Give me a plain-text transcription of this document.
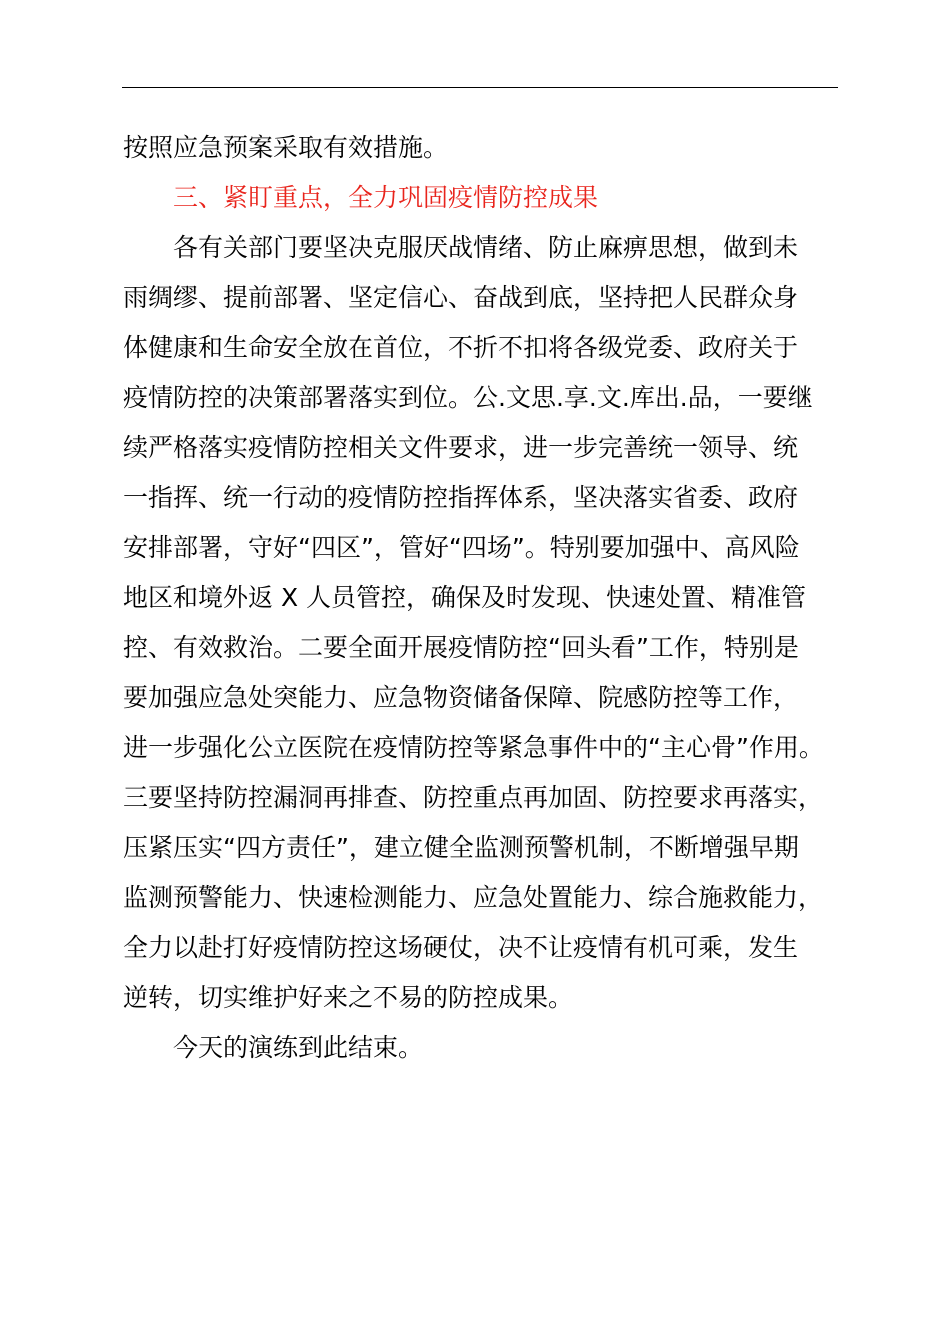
按照应急预案采取有效措施。
三、紧盯重点，全力巩固疫情防控成果
各有关部门要坚决克服厌战情绪、防止麻痹思想，做到未
雨绸缪、提前部署、坚定信心、奋战到底，坚持把人民群众身
体健康和生命安全放在首位，不折不扣将各级党委、政府关于
疫情防控的决策部署落实到位。公.文思.享.文.库出.品，一要继
续严格落实疫情防控相关文件要求，进一步完善统一领导、统
一指挥、统一行动的疫情防控指挥体系，坚决落实省委、政府
安排部署，守好“四区”，管好“四场”。特别要加强中、高风险
地区和境外返 X 人员管控，确保及时发现、快速处置、精准管
控、有效救治。二要全面开展疫情防控“回头看”工作，特别是
要加强应急处突能力、应急物资储备保障、院感防控等工作，
进一步强化公立医院在疫情防控等紧急事件中的“主心骨”作用。
三要坚持防控漏洞再排查、防控重点再加固、防控要求再落实，
压紧压实“四方责任”，建立健全监测预警机制，不断增强早期
监测预警能力、快速检测能力、应急处置能力、综合施救能力，
全力以赴打好疫情防控这场硬仗，决不让疫情有机可乘，发生
逆转，切实维护好来之不易的防控成果。
今天的演练到此结束。
